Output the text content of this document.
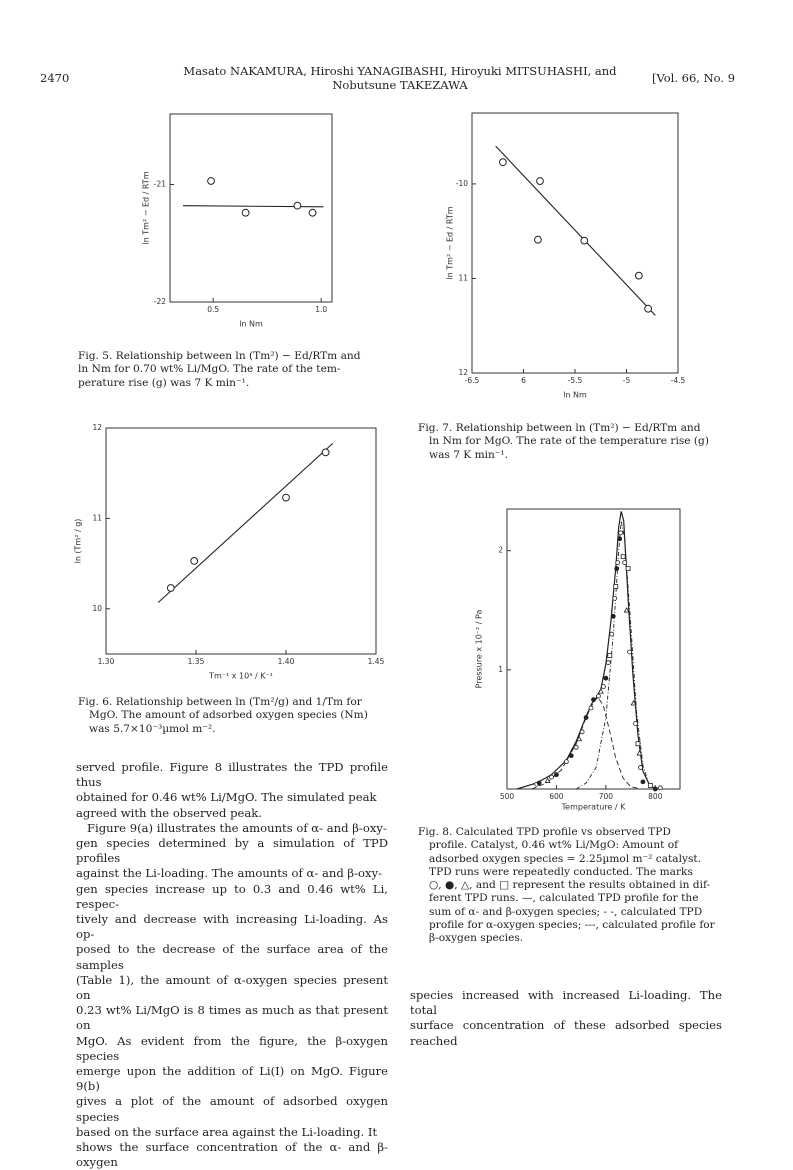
2470	Masato NAKAMURA, Hiroshi YANAGIBASHI, Hiroyuki MITSUHASHI, and
Nobutsune TAKEZAWA	[Vol. 66, No. 9
0.5	1.0
-21
-22
ln Nm
ln Tm² − Ed / RTm
Fig. 5. Relationship between ln (Tm²) − Ed/RTm and
ln Nm for 0.70 wt% Li/MgO. The rate of the tem-
perature rise (g) was 7 K min⁻¹.
1.30	1.35	1.40	1.45
10
11
12
Tm⁻¹ x 10³ / K⁻¹
ln (Tm² / g)
Fig. 6. Relationship between ln (Tm²/g) and 1/Tm for
MgO. The amount of adsorbed oxygen species (Nm)
was 5.7×10⁻³µmol m⁻².
-6.5	6	-5.5	-5	-4.5
-10
11
12
ln Nm
ln Tm² − Ed / RTm
Fig. 7. Relationship between ln (Tm²) − Ed/RTm and
ln Nm for MgO. The rate of the temperature rise (g)
was 7 K min⁻¹.
500	600	700	800
1
2
Temperature / K
Pressure x 10⁻² / Pa
Fig. 8. Calculated TPD profile vs observed TPD
profile. Catalyst, 0.46 wt% Li/MgO: Amount of
adsorbed oxygen species = 2.25µmol m⁻² catalyst.
TPD runs were repeatedly conducted. The marks
○, ●, △, and □ represent the results obtained in dif-
ferent TPD runs. —, calculated TPD profile for the
sum of α- and β-oxygen species; - -, calculated TPD
profile for α-oxygen species; ---, calculated profile for
β-oxygen species.
served profile. Figure 8 illustrates the TPD profile thus
obtained for 0.46 wt% Li/MgO. The simulated peak
agreed with the observed peak.
Figure 9(a) illustrates the amounts of α- and β-oxy-
gen species determined by a simulation of TPD profiles
against the Li-loading. The amounts of α- and β-oxy-
gen species increase up to 0.3 and 0.46 wt% Li, respec-
tively and decrease with increasing Li-loading. As op-
posed to the decrease of the surface area of the samples
(Table 1), the amount of α-oxygen species present on
0.23 wt% Li/MgO is 8 times as much as that present on
MgO. As evident from the figure, the β-oxygen species
emerge upon the addition of Li(I) on MgO. Figure 9(b)
gives a plot of the amount of adsorbed oxygen species
based on the surface area against the Li-loading. It
shows the surface concentration of the α- and β-oxygen
species increased with increased Li-loading. The total
surface concentration of these adsorbed species reached
